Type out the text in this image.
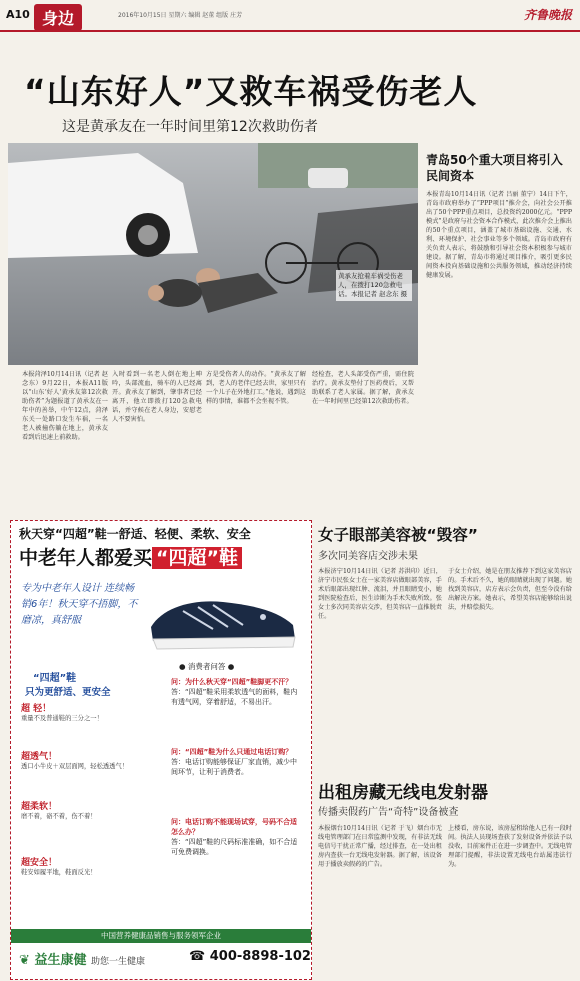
A10 身边	2016年10月15日 星期六 编辑 赵董 组版 庄芳	齐鲁晚报
“山东好人”又救车祸受伤老人
这是黄承友在一年时间里第12次救助伤者
黄承友抢着车祸受伤老人，在拨打120急救电话。本报记者 赵念东 摄
本报菏泽10月14日讯（记者 赵念东）9月22日，本报A11版以“山东‘好人’黄承友第12次救助伤者”为题报道了黄承友在一年中的善举，中午12点，菏泽东关一处路口发生车祸，一名老人被撞伤躺在地上，黄承友看到后迅速上前救助。
入时看到一名老人倒在地上呻吟，头部流血，骑车的人已经离开。黄承友了解到，肇事者已经离开，他立即拨打120急救电话，并守候在老人身边，安慰老人不要害怕。
方是受伤者人的动作。“黄承友了解到，老人的老伴已经去世，家里只有一个儿子在外地打工。”他说，遇到这样的事情，谁都不会坐视不管。
经检查，老人头部受伤严重，需住院治疗。黄承友垫付了医药费后，又帮助联系了老人家属。据了解，黄承友在一年时间里已经第12次救助伤者。
青岛50个重大项目将引入民间资本
本报青岛10月14日讯（记者 吕丽 董宁）14日下午，青岛市政府举办了“PPP项目”推介会，向社会公开推出了50个PPP重点项目，总投资约2000亿元。“PPP模式”是政府与社会资本合作模式，此次推介会上推出的50个重点项目，涵盖了城市基础设施、交通、水利、环境保护、社会事业等多个领域。青岛市政府有关负责人表示，将鼓励和引导社会资本积极参与城市建设。据了解，青岛市将通过项目推介，吸引更多民间资本投向基础设施和公共服务领域，推动经济持续健康发展。
秋天穿“四超”鞋一舒适、轻便、柔软、安全
中老年人都爱买 “四超”鞋
专为中老年人设计 连续畅销6年！秋天穿不捂脚，不磨凉，真舒服
“四超”鞋
只为更舒适、更安全
● 消费者问答 ●
超 轻！
重量不及普通鞋的三分之一！
超透气！
透口小牛皮＋双层面网，轻松透透气！
超柔软！
磨不着，硌不着，伤不着！
超安全！
鞋安如履平地，鞋面反光！
问：为什么秋天穿“四超”鞋脚更不汗？
答：“四超”鞋采用柔软透气的面料，鞋内有透气网，穿着舒适，不易出汗。
问：“四超”鞋为什么只通过电话订购？
答：电话订购能够保证厂家直销，减少中间环节，让利于消费者。
问：电话订购不能现场试穿，号码不合适怎么办？
答：“四超”鞋的尺码标准准确，如不合适可免费调换。
中国营养健康品销售与服务领军企业
❦ 益生康健 助您一生健康	☎ 400-8898-102
女子眼部美容被“毁容”
多次同美容店交涉未果
本报济宁10月14日讯（记者 苏洪印）近日，济宁市民张女士在一家美容店做眼部美容，手术后眼部出现红肿、流泪，并且眼睛变小，她到医院检查后，医生诊断为手术失败所致。张女士多次同美容店交涉，但美容店一直推脱责任。
于女士介绍，她是在朋友推荐下到这家美容店的。手术后不久，她的眼睛就出现了问题。她找到美容店，店方表示会负责，但至今没有给出解决方案。她表示，希望美容店能够给出说法，并赔偿损失。
出租房藏无线电发射器
传播卖假药广告“奇特”设备被查
本报烟台10月14日讯（记者 于飞）烟台市无线电管理部门在日常监测中发现，有非法无线电信号干扰正常广播，经过排查，在一处出租房内查获一台无线电发射器。据了解，该设备用于播放卖假药的广告。
上楼看，房东说，该房屋租给他人已有一段时间。执法人员现场查获了发射设备并依法予以没收，目前案件正在进一步调查中。无线电管理部门提醒，非法设置无线电台站属违法行为。
